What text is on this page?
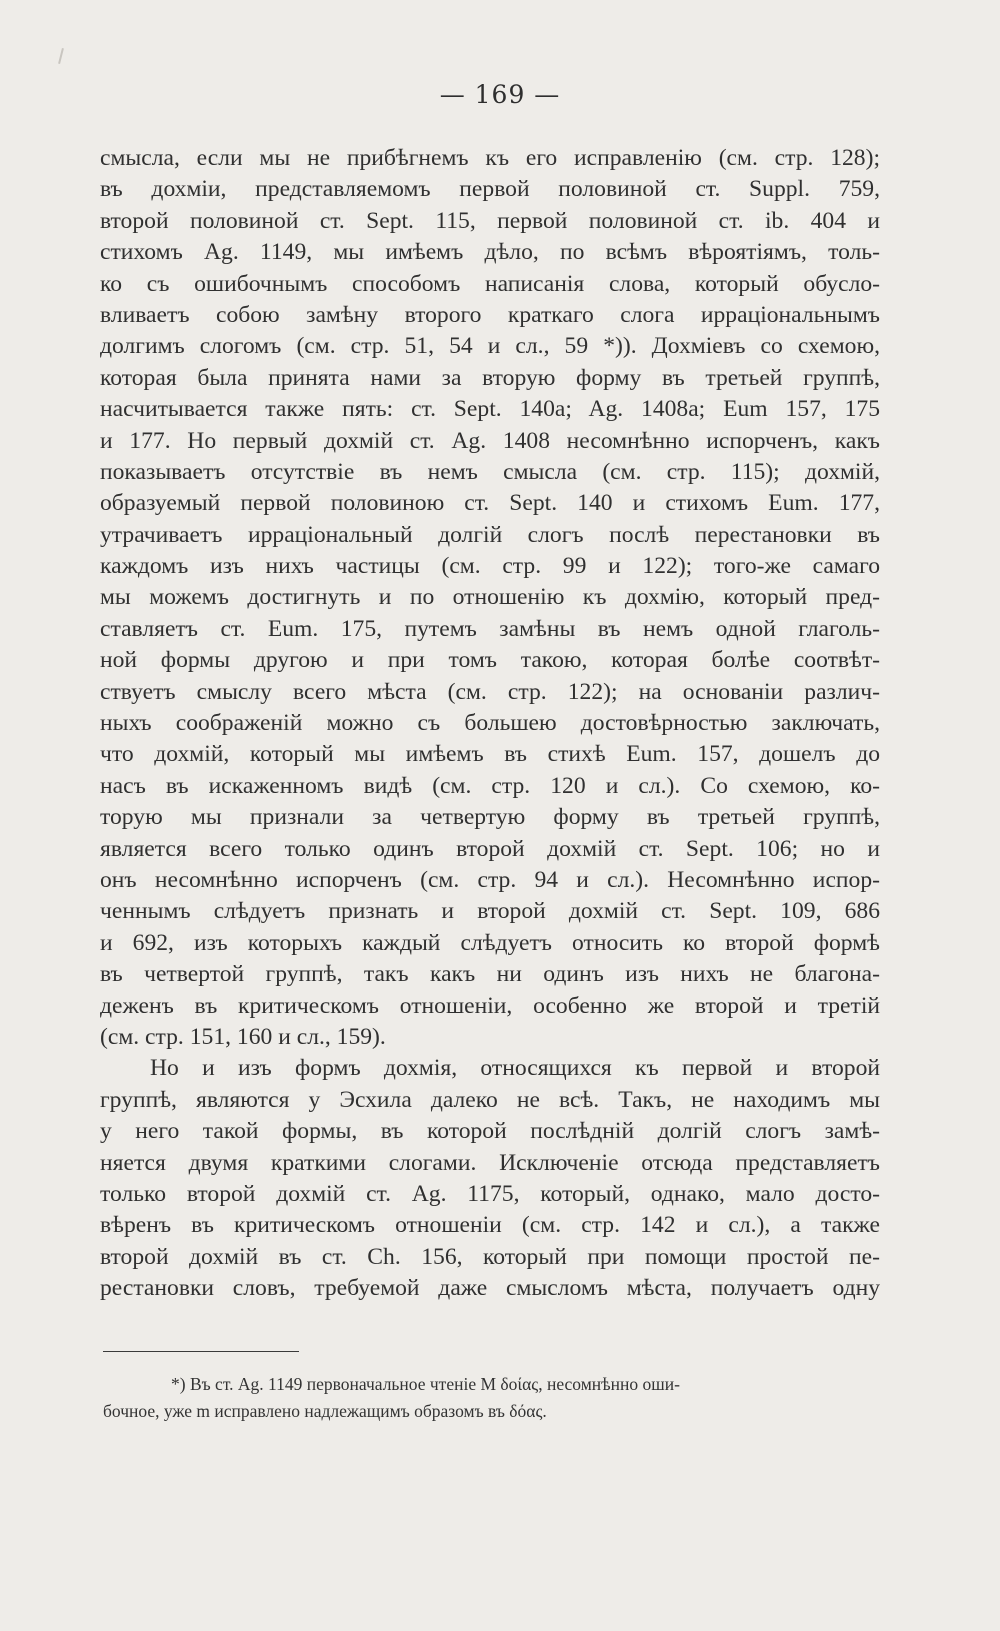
— 169 —
смысла, если мы не прибѣгнемъ къ его исправленію (см. стр. 128);
въ дохміи, представляемомъ первой половиной ст. Suppl. 759,
второй половиной ст. Sept. 115, первой половиной ст. ib. 404 и
стихомъ Ag. 1149, мы имѣемъ дѣло, по всѣмъ вѣроятіямъ, толь-
ко съ ошибочнымъ способомъ написанія слова, который обусло-
вливаетъ собою замѣну второго краткаго слога ирраціональнымъ
долгимъ слогомъ (см. стр. 51, 54 и сл., 59 *)). Дохміевъ со схемою,
которая была принята нами за вторую форму въ третьей группѣ,
насчитывается также пять: ст. Sept. 140a; Ag. 1408a; Eum 157, 175
и 177. Но первый дохмій ст. Ag. 1408 несомнѣнно испорченъ, какъ
показываетъ отсутствіе въ немъ смысла (см. стр. 115); дохмій,
образуемый первой половиною ст. Sept. 140 и стихомъ Eum. 177,
утрачиваетъ ирраціональный долгій слогъ послѣ перестановки въ
каждомъ изъ нихъ частицы (см. стр. 99 и 122); того-же самаго
мы можемъ достигнуть и по отношенію къ дохмію, который пред-
ставляетъ ст. Eum. 175, путемъ замѣны въ немъ одной глаголь-
ной формы другою и при томъ такою, которая болѣе соотвѣт-
ствуетъ смыслу всего мѣста (см. стр. 122); на основаніи различ-
ныхъ соображеній можно съ большею достовѣрностью заключать,
что дохмій, который мы имѣемъ въ стихѣ Eum. 157, дошелъ до
насъ въ искаженномъ видѣ (см. стр. 120 и сл.). Со схемою, ко-
торую мы признали за четвертую форму въ третьей группѣ,
является всего только одинъ второй дохмій ст. Sept. 106; но и
онъ несомнѣнно испорченъ (см. стр. 94 и сл.). Несомнѣнно испор-
ченнымъ слѣдуетъ признать и второй дохмій ст. Sept. 109, 686
и 692, изъ которыхъ каждый слѣдуетъ относить ко второй формѣ
въ четвертой группѣ, такъ какъ ни одинъ изъ нихъ не благона-
деженъ въ критическомъ отношеніи, особенно же второй и третій
(см. стр. 151, 160 и сл., 159).
Но и изъ формъ дохмія, относящихся къ первой и второй
группѣ, являются у Эсхила далеко не всѣ. Такъ, не находимъ мы
у него такой формы, въ которой послѣдній долгій слогъ замѣ-
няется двумя краткими слогами. Исключеніе отсюда представляетъ
только второй дохмій ст. Ag. 1175, который, однако, мало досто-
вѣренъ въ критическомъ отношеніи (см. стр. 142 и сл.), а также
второй дохмій въ ст. Ch. 156, который при помощи простой пе-
рестановки словъ, требуемой даже смысломъ мѣста, получаетъ одну
*) Въ ст. Ag. 1149 первоначальное чтеніе M δοίας, несомнѣнно оши-
бочное, уже m исправлено надлежащимъ образомъ въ δόας.
